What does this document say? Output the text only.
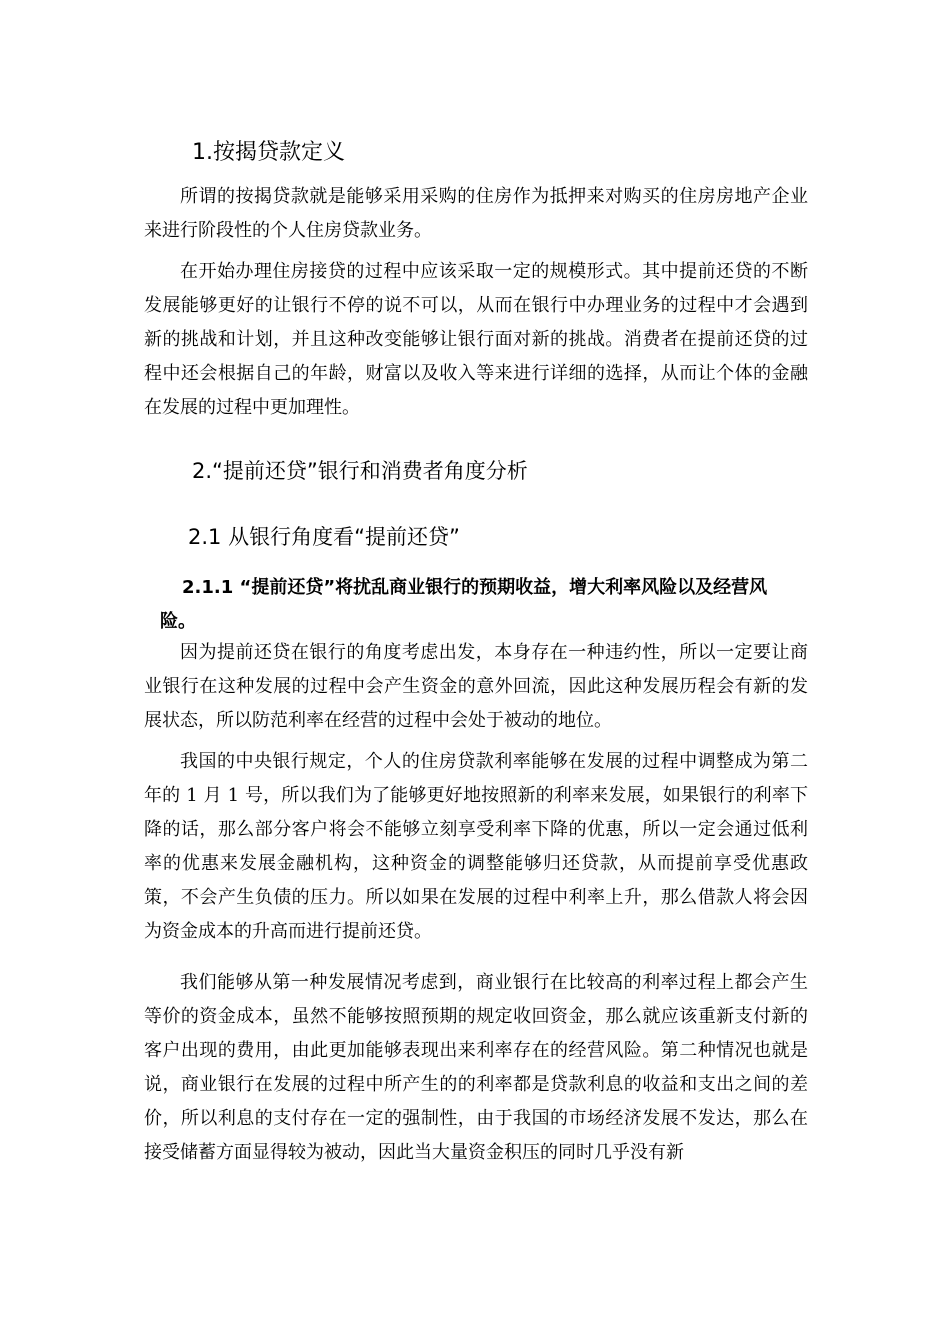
1.按揭贷款定义

所谓的按揭贷款就是能够采用采购的住房作为抵押来对购买的住房房地产企业来进行阶段性的个人住房贷款业务。

在开始办理住房接贷的过程中应该采取一定的规模形式。其中提前还贷的不断发展能够更好的让银行不停的说不可以，从而在银行中办理业务的过程中才会遇到新的挑战和计划，并且这种改变能够让银行面对新的挑战。消费者在提前还贷的过程中还会根据自己的年龄，财富以及收入等来进行详细的选择，从而让个体的金融在发展的过程中更加理性。

2.“提前还贷”银行和消费者角度分析
2.1 从银行角度看“提前还贷”
2.1.1 “提前还贷”将扰乱商业银行的预期收益，增大利率风险以及经营风险。

因为提前还贷在银行的角度考虑出发，本身存在一种违约性，所以一定要让商业银行在这种发展的过程中会产生资金的意外回流，因此这种发展历程会有新的发展状态，所以防范利率在经营的过程中会处于被动的地位。

我国的中央银行规定，个人的住房贷款利率能够在发展的过程中调整成为第二年的 1 月 1 号，所以我们为了能够更好地按照新的利率来发展，如果银行的利率下降的话，那么部分客户将会不能够立刻享受利率下降的优惠，所以一定会通过低利率的优惠来发展金融机构，这种资金的调整能够归还贷款，从而提前享受优惠政策，不会产生负债的压力。所以如果在发展的过程中利率上升，那么借款人将会因为资金成本的升高而进行提前还贷。

我们能够从第一种发展情况考虑到，商业银行在比较高的利率过程上都会产生等价的资金成本，虽然不能够按照预期的规定收回资金，那么就应该重新支付新的客户出现的费用，由此更加能够表现出来利率存在的经营风险。第二种情况也就是说，商业银行在发展的过程中所产生的的利率都是贷款利息的收益和支出之间的差价，所以利息的支付存在一定的强制性，由于我国的市场经济发展不发达，那么在接受储蓄方面显得较为被动，因此当大量资金积压的同时几乎没有新
